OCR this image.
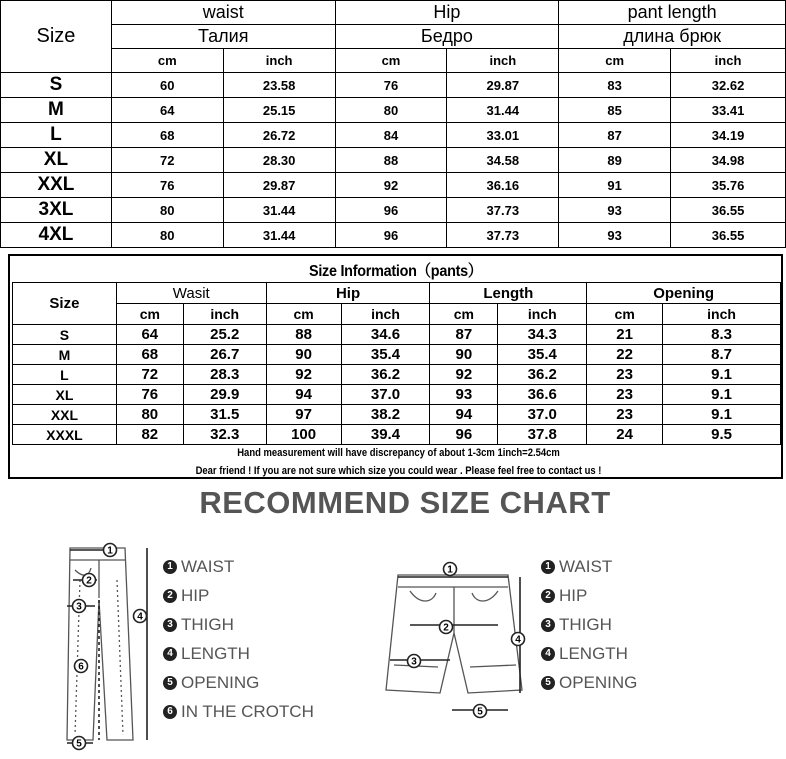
Size	waist		Hip		pant length	
	Талия		Бедро		длина брюк	
	cm	inch	cm	inch	cm	inch
S	60	23.58	76	29.87	83	32.62
M	64	25.15	80	31.44	85	33.41
L	68	26.72	84	33.01	87	34.19
XL	72	28.30	88	34.58	89	34.98
XXL	76	29.87	92	36.16	91	35.76
3XL	80	31.44	96	37.73	93	36.55
4XL	80	31.44	96	37.73	93	36.55
Size Information（pants）
Size	Wasit		Hip		Length		Opening	
	cm	inch	cm	inch	cm	inch	cm	inch
S	64	25.2	88	34.6	87	34.3	21	8.3
M	68	26.7	90	35.4	90	35.4	22	8.7
L	72	28.3	92	36.2	92	36.2	23	9.1
XL	76	29.9	94	37.0	93	36.6	23	9.1
XXL	80	31.5	97	38.2	94	37.0	23	9.1
XXXL	82	32.3	100	39.4	96	37.8	24	9.5

Hand measurement will have discrepancy of about 1-3cm 1inch=2.54cm
Dear friend ! If you are not sure which size you could wear . Please feel free to contact us !								
RECOMMEND SIZE CHART
1
2
3
4
6
5
1 WAIST
2 HIP
3 THIGH
4 LENGTH
5 OPENING
6 IN THE CROTCH
1
2
3
4
5
1 WAIST
2 HIP
3 THIGH
4 LENGTH
5 OPENING
